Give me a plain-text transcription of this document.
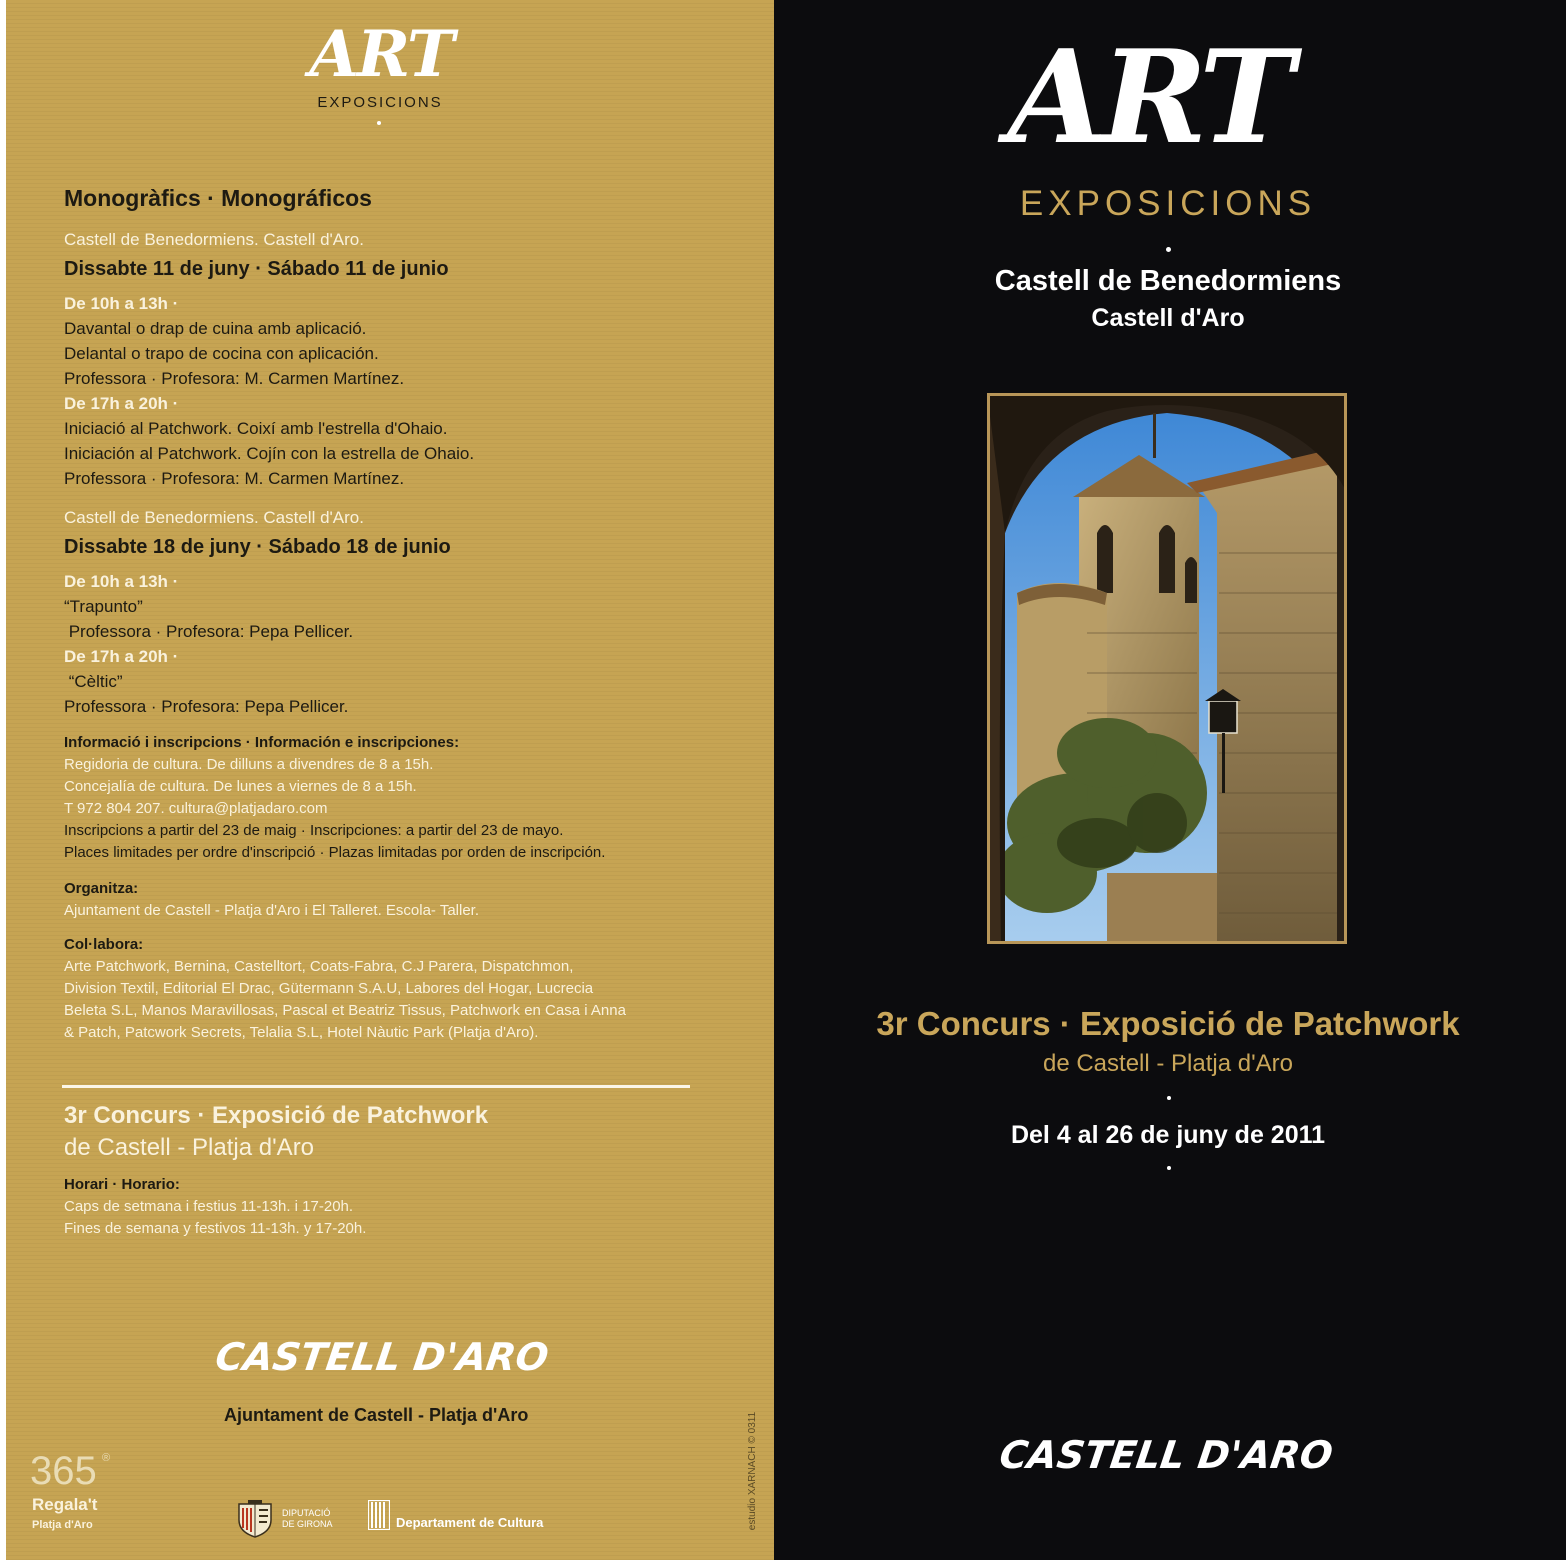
ART
EXPOSICIONS
Monogràfics · Monográficos
Castell de Benedormiens. Castell d'Aro.
Dissabte 11 de juny · Sábado 11 de junio
De 10h a 13h ·
Davantal o drap de cuina amb aplicació.
Delantal o trapo de cocina con aplicación.
Professora · Profesora: M. Carmen Martínez.
De 17h a 20h ·
Iniciació al Patchwork. Coixí amb l'estrella d'Ohaio.
Iniciación al Patchwork. Cojín con la estrella de Ohaio.
Professora · Profesora: M. Carmen Martínez.
Castell de Benedormiens. Castell d'Aro.
Dissabte 18 de juny · Sábado 18 de junio
De 10h a 13h ·
“Trapunto”
Professora · Profesora: Pepa Pellicer.
De 17h a 20h ·
“Cèltic”
Professora · Profesora: Pepa Pellicer.
Informació i inscripcions · Información e inscripciones:
Regidoria de cultura. De dilluns a divendres de 8 a 15h.
Concejalía de cultura. De lunes a viernes de 8 a 15h.
T 972 804 207. cultura@platjadaro.com
Inscripcions a partir del 23 de maig · Inscripciones: a partir del 23 de mayo.
Places limitades per ordre d'inscripció · Plazas limitadas por orden de inscripción.
Organitza:
Ajuntament de Castell - Platja d'Aro i El Talleret. Escola- Taller.
Col·labora:
Arte Patchwork, Bernina, Castelltort, Coats-Fabra, C.J Parera, Dispatchmon,
Division Textil, Editorial El Drac, Gütermann S.A.U, Labores del Hogar, Lucrecia
Beleta S.L, Manos Maravillosas, Pascal et Beatriz Tissus, Patchwork en Casa i Anna
& Patch, Patcwork Secrets, Telalia S.L, Hotel Nàutic Park (Platja d'Aro).
3r Concurs · Exposició de Patchwork
de Castell - Platja d'Aro
Horari · Horario:
Caps de setmana i festius 11-13h. i 17-20h.
Fines de semana y festivos 11-13h. y 17-20h.
CASTELL D'ARO
Ajuntament de Castell - Platja d'Aro
365 ®
Regala't
Platja d'Aro
DIPUTACIÓ
DE GIRONA	Departament de Cultura	estudio XARNACH © 0311
ART
EXPOSICIONS
Castell de Benedormiens
Castell d'Aro
3r Concurs · Exposició de Patchwork
de Castell - Platja d'Aro
Del 4 al 26 de juny de 2011
CASTELL D'ARO
